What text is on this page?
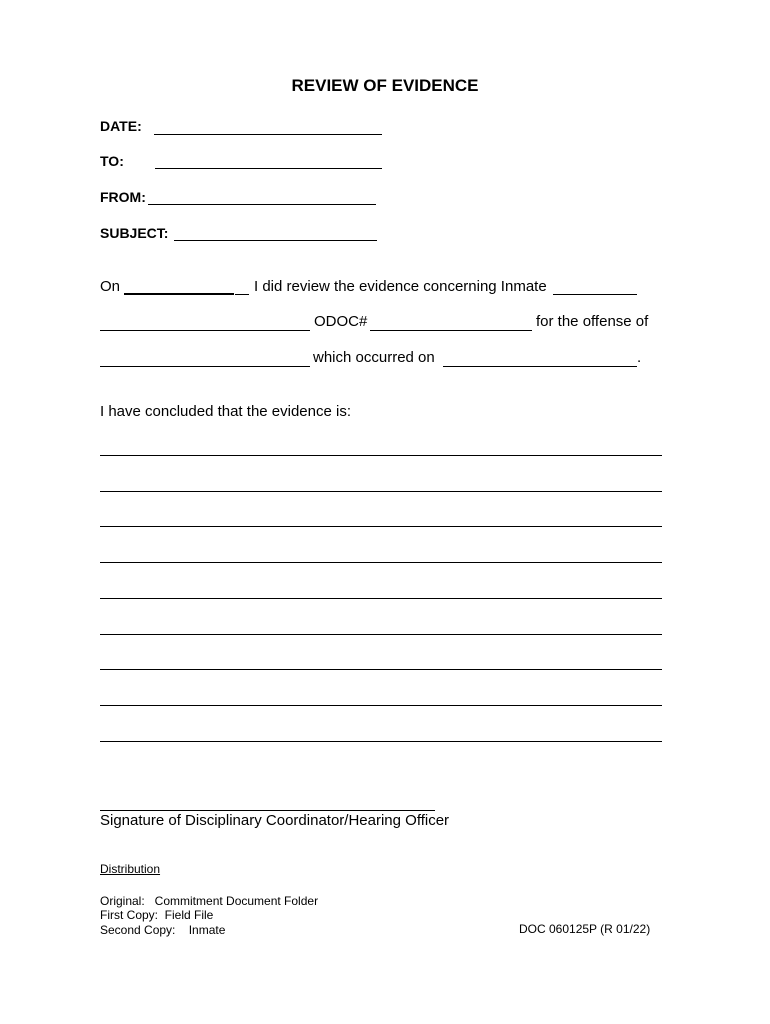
REVIEW OF EVIDENCE
DATE:
TO:
FROM:
SUBJECT:
On	I did review the evidence concerning Inmate
ODOC#	for the offense of
which occurred on	.
I have concluded that the evidence is:
Signature of Disciplinary Coordinator/Hearing Officer
Distribution
Original:   Commitment Document Folder
First Copy:  Field File
Second Copy:    Inmate	DOC 060125P (R 01/22)
